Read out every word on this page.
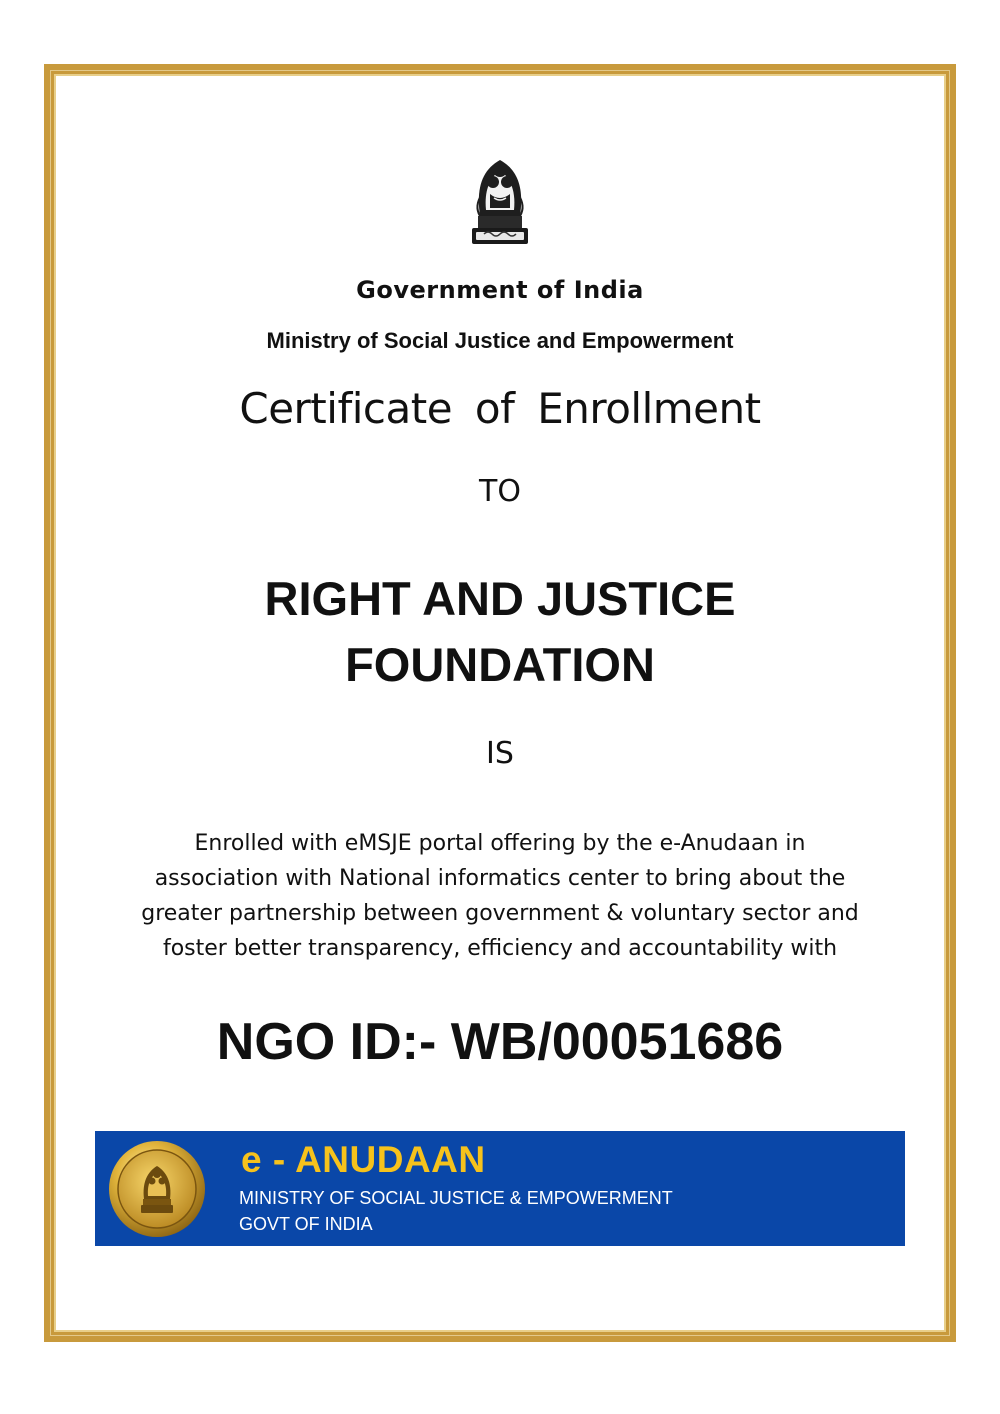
Government of India
Ministry of Social Justice and Empowerment
Certificate of Enrollment
TO
RIGHT AND JUSTICE
FOUNDATION
IS
Enrolled with eMSJE portal offering by the e-Anudaan in
association with National informatics center to bring about the
greater partnership between government & voluntary sector and
foster better transparency, efficiency and accountability with
NGO ID:- WB/00051686
e - ANUDAAN
MINISTRY OF SOCIAL JUSTICE & EMPOWERMENT
GOVT OF INDIA
